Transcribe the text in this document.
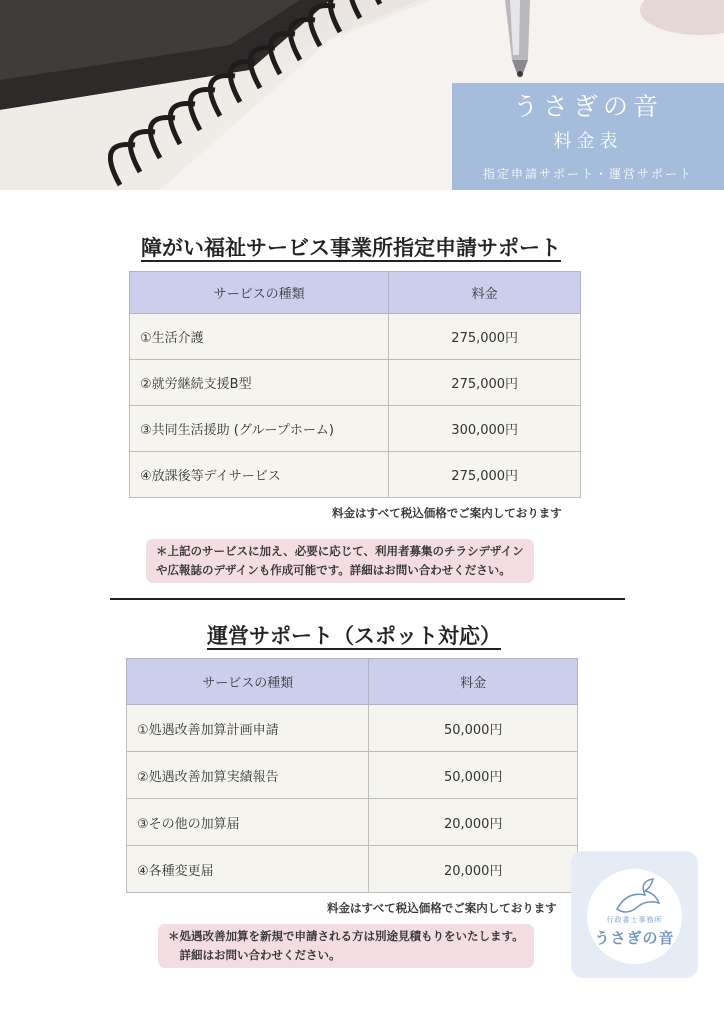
うさぎの音
料金表
指定申請サポート・運営サポート
障がい福祉サービス事業所指定申請サポート
サービスの種類	料金
①生活介護	275,000円
②就労継続支援B型	275,000円
③共同生活援助 (グループホーム)	300,000円
④放課後等デイサービス	275,000円
料金はすべて税込価格でご案内しております
＊上記のサービスに加え、必要に応じて、利用者募集のチラシデザイン
や広報誌のデザインも作成可能です。詳細はお問い合わせください。
運営サポート（スポット対応）
サービスの種類	料金
①処遇改善加算計画申請	50,000円
②処遇改善加算実績報告	50,000円
③その他の加算届	20,000円
④各種変更届	20,000円
料金はすべて税込価格でご案内しております
＊処遇改善加算を新規で申請される方は別途見積もりをいたします。
　詳細はお問い合わせください。
行政書士事務所
うさぎの音
